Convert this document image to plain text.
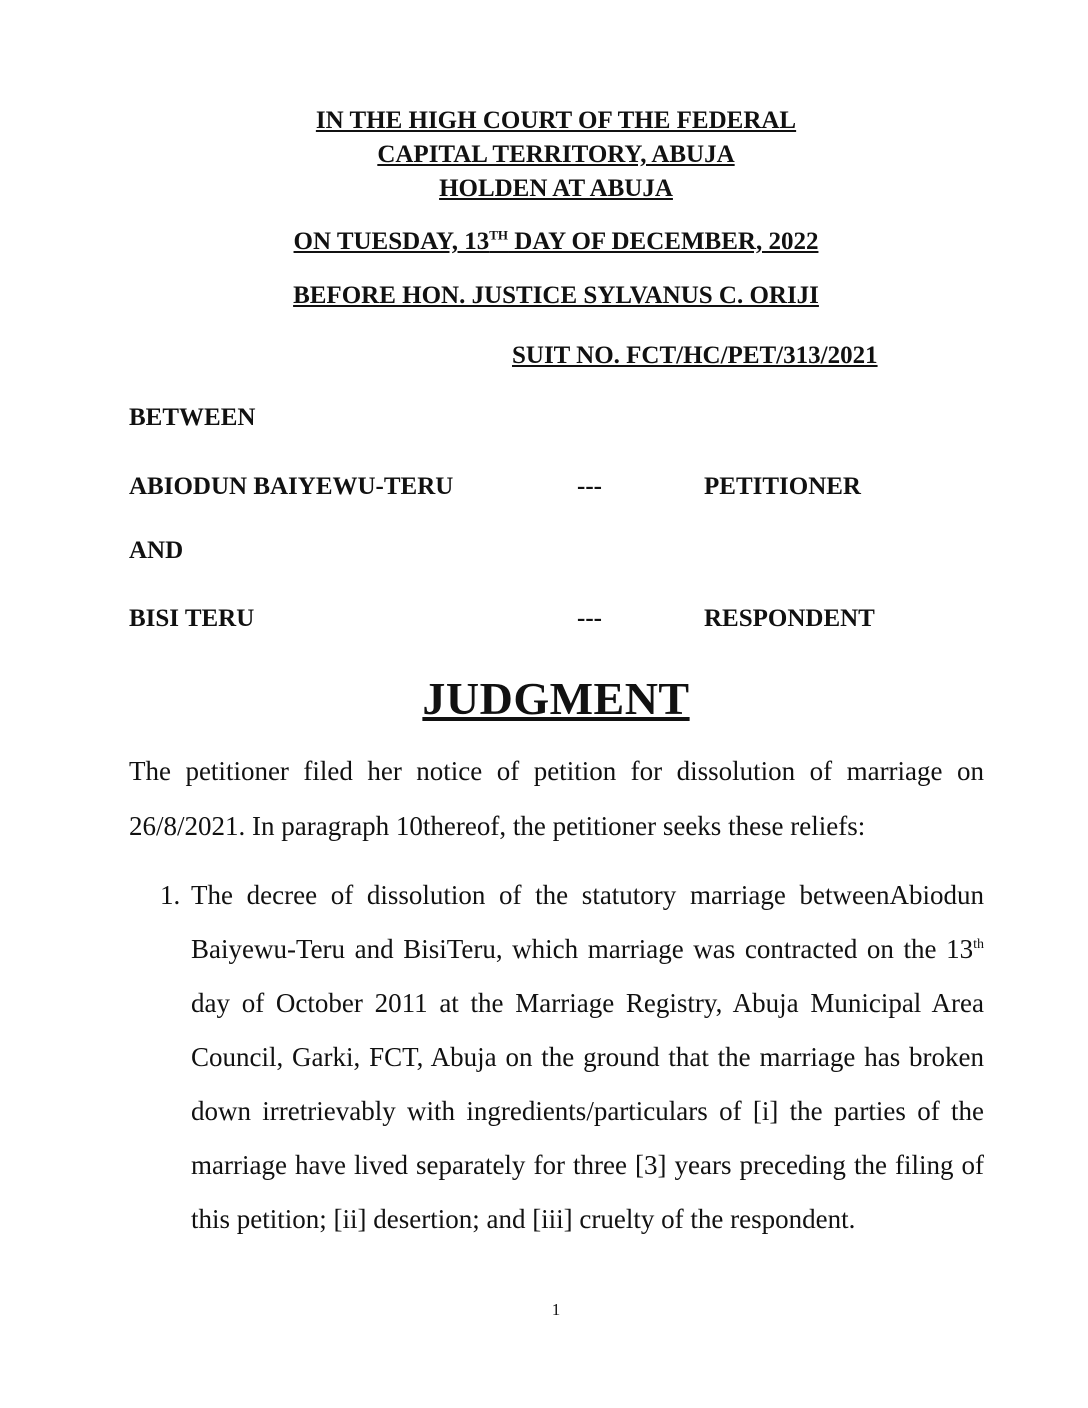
IN THE HIGH COURT OF THE FEDERAL
CAPITAL TERRITORY, ABUJA
HOLDEN AT ABUJA
ON TUESDAY, 13TH DAY OF DECEMBER, 2022
BEFORE HON. JUSTICE SYLVANUS C. ORIJI
SUIT NO. FCT/HC/PET/313/2021
BETWEEN
ABIODUN BAIYEWU-TERU	---	PETITIONER
AND
BISI TERU	---	RESPONDENT
JUDGMENT
The petitioner filed her notice of petition for dissolution of marriage on 26/8/2021. In paragraph 10thereof, the petitioner seeks these reliefs:
1. The decree of dissolution of the statutory marriage betweenAbiodun Baiyewu-Teru and BisiTeru, which marriage was contracted on the 13th day of October 2011 at the Marriage Registry, Abuja Municipal Area Council, Garki, FCT, Abuja on the ground that the marriage has broken down irretrievably with ingredients/particulars of [i] the parties of the marriage have lived separately for three [3] years preceding the filing of this petition; [ii] desertion; and [iii] cruelty of the respondent.
1
